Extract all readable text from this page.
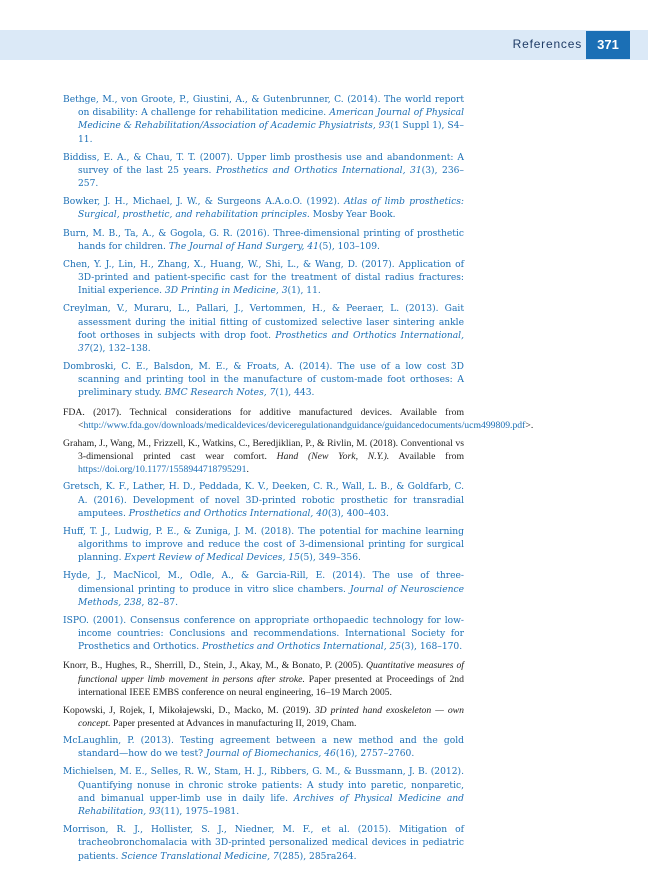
References	371

Bethge, M., von Groote, P., Giustini, A., & Gutenbrunner, C. (2014). The world report on disability: A challenge for rehabilitation medicine. American Journal of Physical Medicine & Rehabilitation/Association of Academic Physiatrists, 93(1 Suppl 1), S4–11.

Biddiss, E. A., & Chau, T. T. (2007). Upper limb prosthesis use and abandonment: A survey of the last 25 years. Prosthetics and Orthotics International, 31(3), 236–257.

Bowker, J. H., Michael, J. W., & Surgeons A.A.o.O. (1992). Atlas of limb prosthetics: Surgical, prosthetic, and rehabilitation principles. Mosby Year Book.

Burn, M. B., Ta, A., & Gogola, G. R. (2016). Three-dimensional printing of prosthetic hands for children. The Journal of Hand Surgery, 41(5), 103–109.

Chen, Y. J., Lin, H., Zhang, X., Huang, W., Shi, L., & Wang, D. (2017). Application of 3D-printed and patient-specific cast for the treatment of distal radius fractures: Initial experience. 3D Printing in Medicine, 3(1), 11.

Creylman, V., Muraru, L., Pallari, J., Vertommen, H., & Peeraer, L. (2013). Gait assessment during the initial fitting of customized selective laser sintering ankle foot orthoses in subjects with drop foot. Prosthetics and Orthotics International, 37(2), 132–138.

Dombroski, C. E., Balsdon, M. E., & Froats, A. (2014). The use of a low cost 3D scanning and printing tool in the manufacture of custom-made foot orthoses: A preliminary study. BMC Research Notes, 7(1), 443.

FDA. (2017). Technical considerations for additive manufactured devices. Available from <http://www.fda.gov/downloads/medicaldevices/deviceregulationandguidance/guidancedocuments/ucm499809.pdf>.

Graham, J., Wang, M., Frizzell, K., Watkins, C., Beredjiklian, P., & Rivlin, M. (2018). Conventional vs 3-dimensional printed cast wear comfort. Hand (New York, N.Y.). Available from https://doi.org/10.1177/1558944718795291.

Gretsch, K. F., Lather, H. D., Peddada, K. V., Deeken, C. R., Wall, L. B., & Goldfarb, C. A. (2016). Development of novel 3D-printed robotic prosthetic for transradial amputees. Prosthetics and Orthotics International, 40(3), 400–403.

Huff, T. J., Ludwig, P. E., & Zuniga, J. M. (2018). The potential for machine learning algorithms to improve and reduce the cost of 3-dimensional printing for surgical planning. Expert Review of Medical Devices, 15(5), 349–356.

Hyde, J., MacNicol, M., Odle, A., & Garcia-Rill, E. (2014). The use of three-dimensional printing to produce in vitro slice chambers. Journal of Neuroscience Methods, 238, 82–87.

ISPO. (2001). Consensus conference on appropriate orthopaedic technology for low-income countries: Conclusions and recommendations. International Society for Prosthetics and Orthotics. Prosthetics and Orthotics International, 25(3), 168–170.

Knorr, B., Hughes, R., Sherrill, D., Stein, J., Akay, M., & Bonato, P. (2005). Quantitative measures of functional upper limb movement in persons after stroke. Paper presented at Proceedings of 2nd international IEEE EMBS conference on neural engineering, 16–19 March 2005.

Kopowski, J, Rojek, I, Mikołajewski, D., Macko, M. (2019). 3D printed hand exoskeleton — own concept. Paper presented at Advances in manufacturing II, 2019, Cham.

McLaughlin, P. (2013). Testing agreement between a new method and the gold standard—how do we test? Journal of Biomechanics, 46(16), 2757–2760.

Michielsen, M. E., Selles, R. W., Stam, H. J., Ribbers, G. M., & Bussmann, J. B. (2012). Quantifying nonuse in chronic stroke patients: A study into paretic, nonparetic, and bimanual upper-limb use in daily life. Archives of Physical Medicine and Rehabilitation, 93(11), 1975–1981.

Morrison, R. J., Hollister, S. J., Niedner, M. F., et al. (2015). Mitigation of tracheobronchomalacia with 3D-printed personalized medical devices in pediatric patients. Science Translational Medicine, 7(285), 285ra264.
